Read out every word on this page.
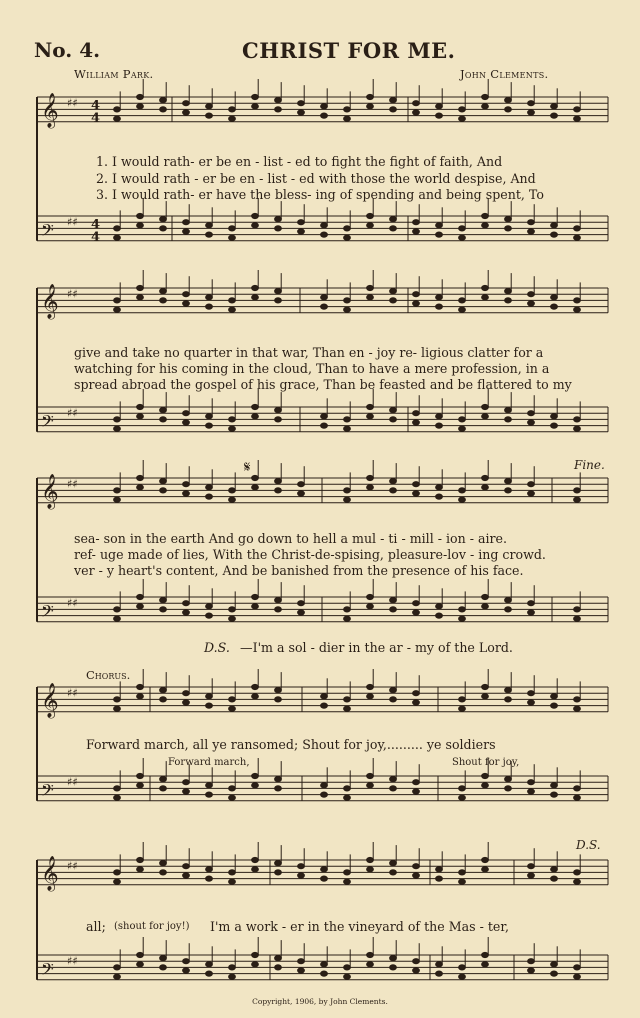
No. 4.	CHRIST FOR ME.
William Park.	John Clements.
𝄞 ♯♯ 4
4
𝄢 ♯♯ 4
4
𝄞 ♯♯
𝄢 ♯♯
𝄞 ♯♯
𝄢 ♯♯
𝄞 ♯♯
𝄢 ♯♯
𝄞 ♯♯
𝄢 ♯♯
1. I would rath- er be en - list - ed to fight the fight of faith, And
2. I would rath - er be en - list - ed with those the world despise, And
3. I would rath- er have the bless- ing of spending and being spent, To
give and take no quarter in that war, Than en - joy re- ligious clatter for a
watching for his coming in the cloud, Than to have a mere profession, in a
spread abroad the gospel of his grace, Than be feasted and be flattered to my
𝄋	Fine.
sea- son in the earth And go down to hell a mul - ti - mill - ion - aire.
ref- uge made of lies, With the Christ-de-spising, pleasure-lov - ing crowd.
ver - y heart's content, And be banished from the presence of his face.
D.S. —I'm a sol - dier in the ar - my of the Lord.
Chorus.
Forward march, all ye ransomed; Shout for joy,......... ye soldiers
Forward march,	Shout for joy,
D.S.
all; (shout for joy!) I'm a work - er in the vineyard of the Mas - ter,
Copyright, 1906, by John Clements.
